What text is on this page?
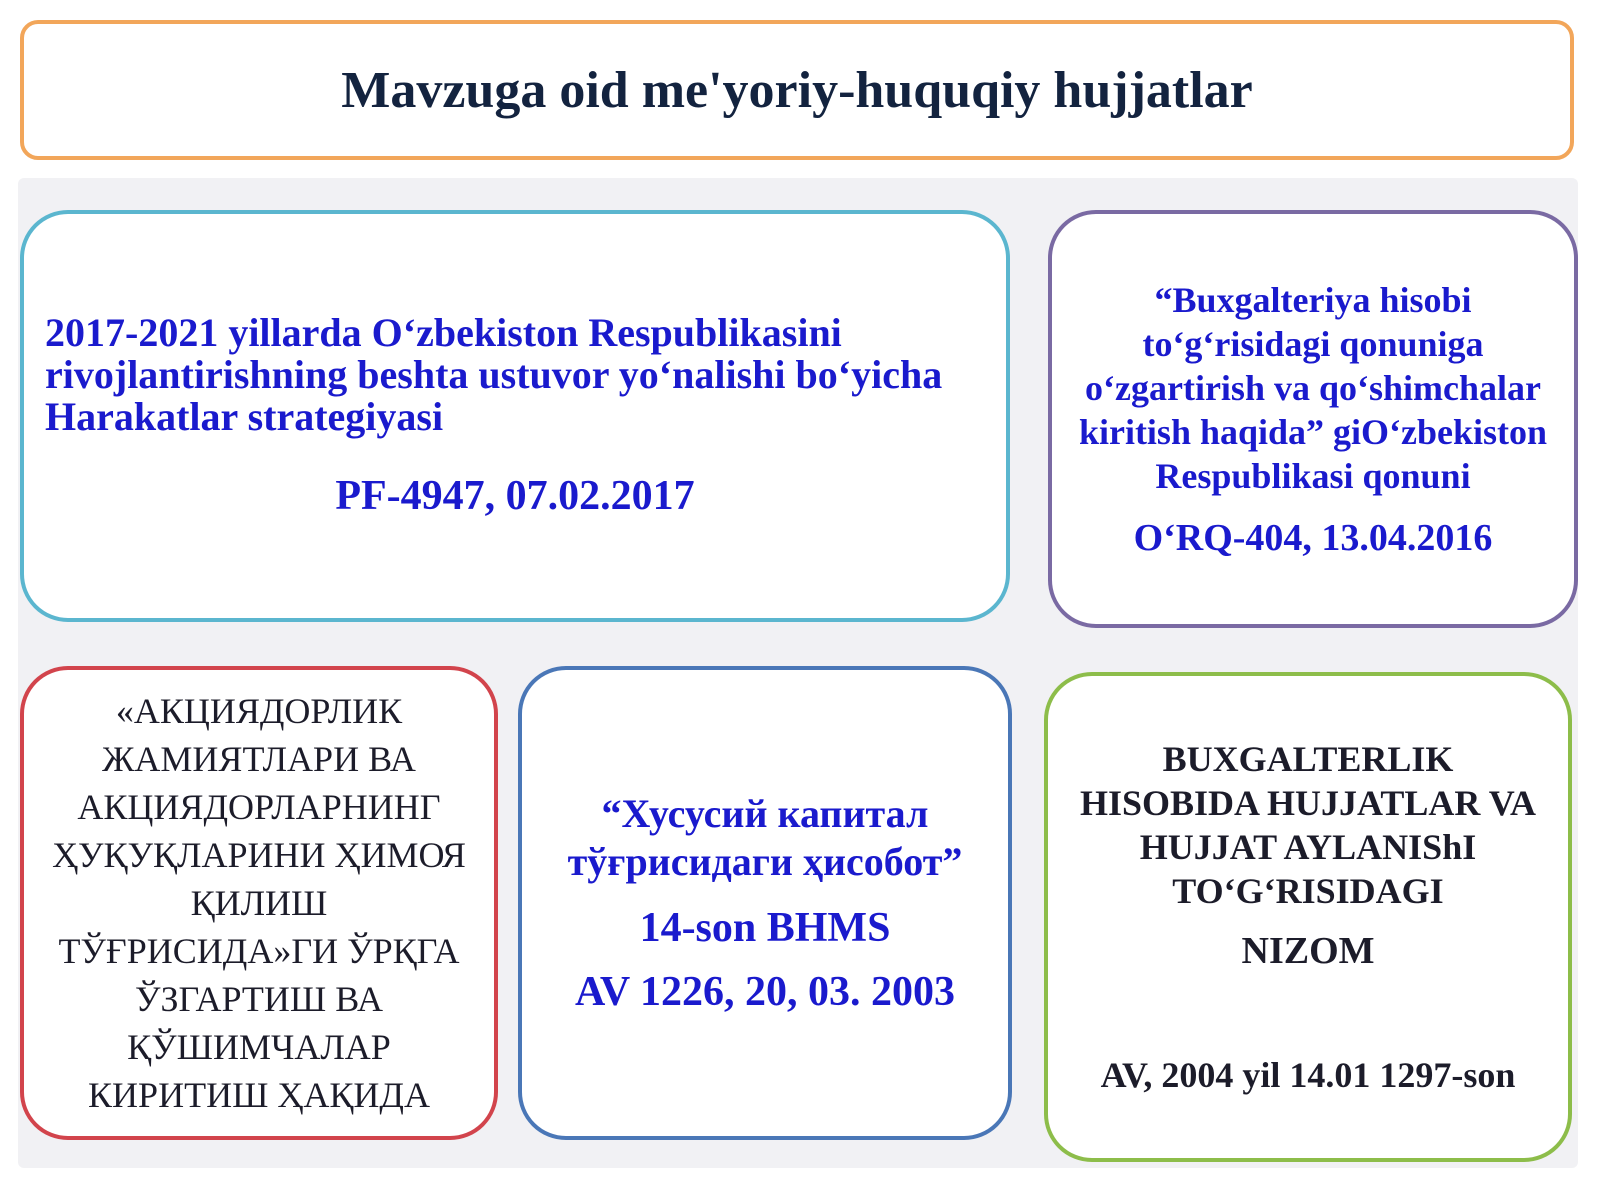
Mavzuga oid me'yoriy-huquqiy hujjatlar

2017-2021 yillarda O‘zbekiston Respublikasini rivojlantirishning beshta ustuvor yo‘nalishi bo‘yicha Harakatlar strategiyasi

PF-4947, 07.02.2017

“Buxgalteriya hisobi to‘g‘risidagi qonuniga o‘zgartirish va qo‘shimchalar kiritish haqida” giO‘zbekiston Respublikasi qonuni

O‘RQ-404, 13.04.2016

«АКЦИЯДОРЛИК ЖАМИЯТЛАРИ ВА АКЦИЯДОРЛАРНИНГ ҲУҚУҚЛАРИНИ ҲИМОЯ ҚИЛИШ ТЎҒРИСИДА»ГИ ЎРҚГА ЎЗГАРТИШ ВА ҚЎШИМЧАЛАР КИРИТИШ ҲАҚИДА

“Хусусий капитал тўғрисидаги ҳисобот”

14-son BHMS

AV 1226, 20, 03. 2003

BUXGALTERLIK HISOBIDA HUJJATLAR VA HUJJAT AYLANIShI TO‘G‘RISIDAGI

NIZOM

AV, 2004 yil 14.01 1297-son
